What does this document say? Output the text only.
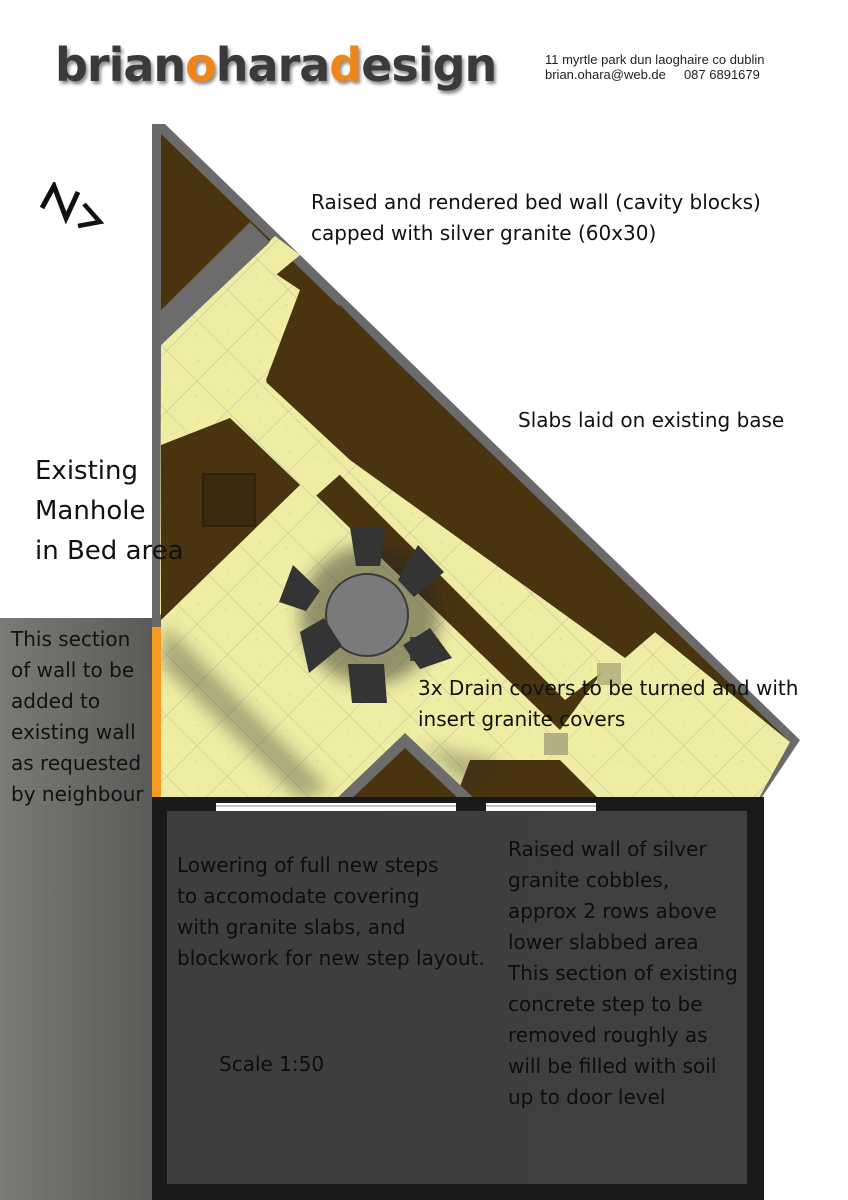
brianoharadesign	11 myrtle park dun laoghaire co dublin
brian.ohara@web.de 087 6891679
Raised and rendered bed wall (cavity blocks)
capped with silver granite (60x30)
Slabs laid on existing base
Existing
Manhole
in Bed area
This section
of wall to be
added to
existing wall
as requested
by neighbour
3x Drain covers to be turned and with
insert granite covers
Lowering of full new steps
to accomodate covering
with granite slabs, and
blockwork for new step layout.
Raised wall of silver
granite cobbles,
approx 2 rows above
lower slabbed area
This section of existing
concrete step to be
removed roughly as
will be filled with soil
up to door level
Scale 1:50
